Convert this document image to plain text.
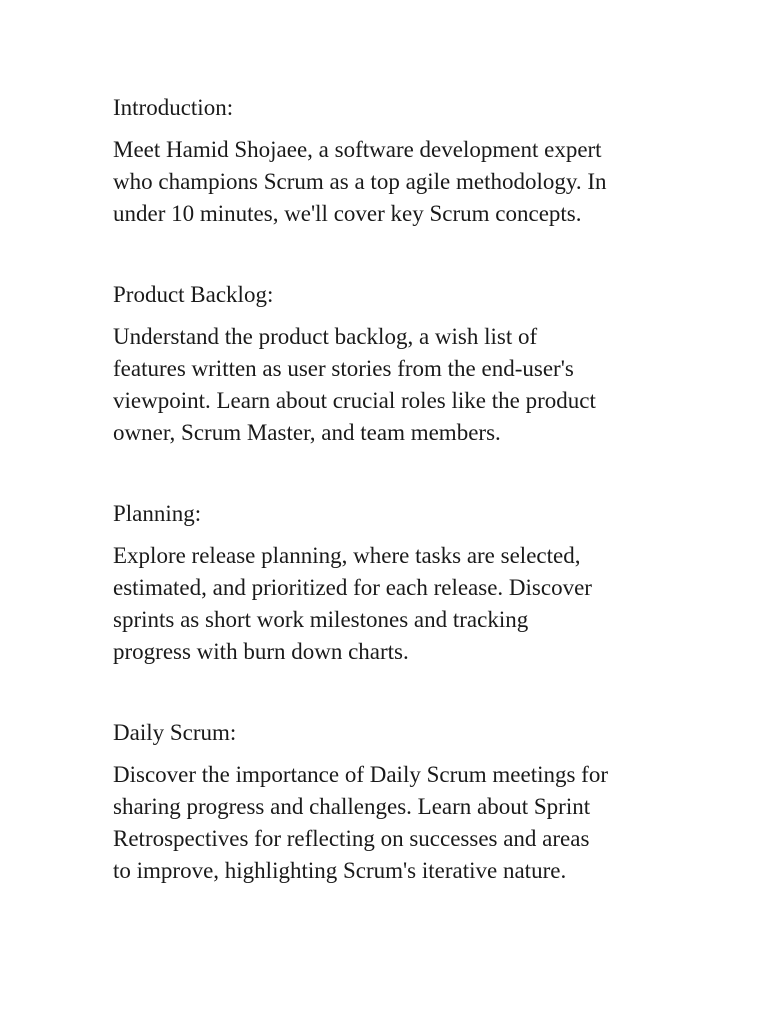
Introduction:
Meet Hamid Shojaee, a software development expert
who champions Scrum as a top agile methodology. In
under 10 minutes, we'll cover key Scrum concepts.
Product Backlog:
Understand the product backlog, a wish list of
features written as user stories from the end-user's
viewpoint. Learn about crucial roles like the product
owner, Scrum Master, and team members.
Planning:
Explore release planning, where tasks are selected,
estimated, and prioritized for each release. Discover
sprints as short work milestones and tracking
progress with burn down charts.
Daily Scrum:
Discover the importance of Daily Scrum meetings for
sharing progress and challenges. Learn about Sprint
Retrospectives for reflecting on successes and areas
to improve, highlighting Scrum's iterative nature.
